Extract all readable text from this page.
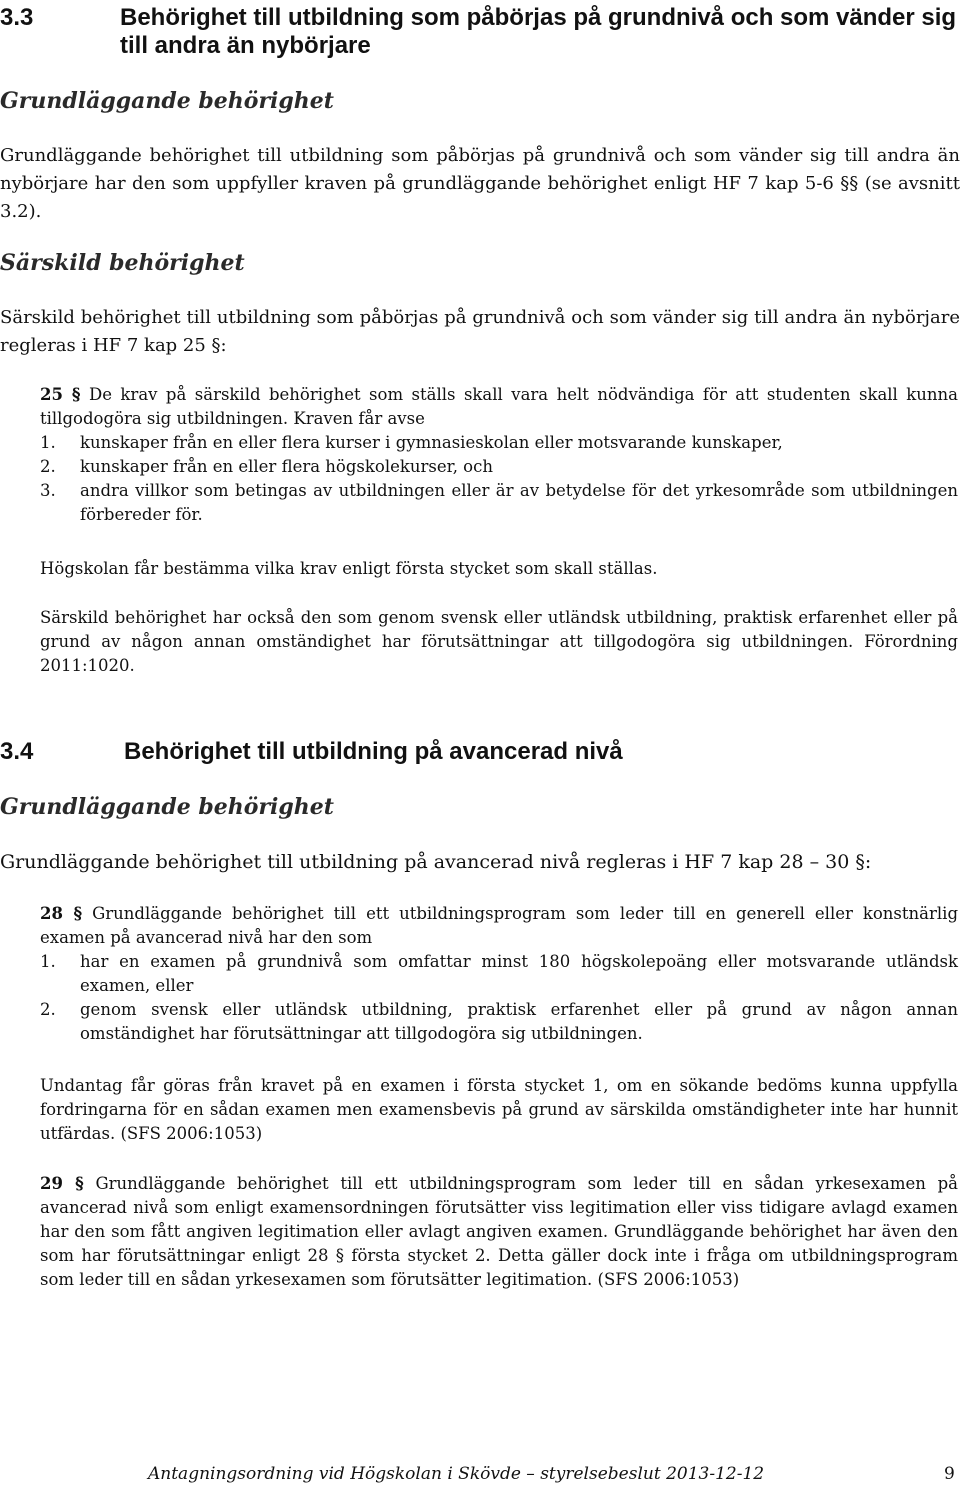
3.3	Behörighet till utbildning som påbörjas på grundnivå och som vänder sig till andra än nybörjare

Grundläggande behörighet

Grundläggande behörighet till utbildning som påbörjas på grundnivå och som vänder sig till andra än nybörjare har den som uppfyller kraven på grundläggande behörighet enligt HF 7 kap 5-6 §§ (se avsnitt 3.2).

Särskild behörighet

Särskild behörighet till utbildning som påbörjas på grundnivå och som vänder sig till andra än nybörjare regleras i HF 7 kap 25 §:

25 § De krav på särskild behörighet som ställs skall vara helt nödvändiga för att studenten skall kunna tillgodogöra sig utbildningen. Kraven får avse
1. kunskaper från en eller flera kurser i gymnasieskolan eller motsvarande kunskaper,
2. kunskaper från en eller flera högskolekurser, och
3. andra villkor som betingas av utbildningen eller är av betydelse för det yrkesområde som utbildningen förbereder för.

Högskolan får bestämma vilka krav enligt första stycket som skall ställas.

Särskild behörighet har också den som genom svensk eller utländsk utbildning, praktisk erfarenhet eller på grund av någon annan omständighet har förutsättningar att tillgodogöra sig utbildningen. Förordning 2011:1020.

3.4	Behörighet till utbildning på avancerad nivå

Grundläggande behörighet

Grundläggande behörighet till utbildning på avancerad nivå regleras i HF 7 kap 28 – 30 §:

28 § Grundläggande behörighet till ett utbildningsprogram som leder till en generell eller konstnärlig examen på avancerad nivå har den som
1. har en examen på grundnivå som omfattar minst 180 högskolepoäng eller motsvarande utländsk examen, eller
2. genom svensk eller utländsk utbildning, praktisk erfarenhet eller på grund av någon annan omständighet har förutsättningar att tillgodogöra sig utbildningen.

Undantag får göras från kravet på en examen i första stycket 1, om en sökande bedöms kunna uppfylla fordringarna för en sådan examen men examensbevis på grund av särskilda omständigheter inte har hunnit utfärdas. (SFS 2006:1053)

29 § Grundläggande behörighet till ett utbildningsprogram som leder till en sådan yrkesexamen på avancerad nivå som enligt examensordningen förutsätter viss legitimation eller viss tidigare avlagd examen har den som fått angiven legitimation eller avlagt angiven examen. Grundläggande behörighet har även den som har förutsättningar enligt 28 § första stycket 2. Detta gäller dock inte i fråga om utbildningsprogram som leder till en sådan yrkesexamen som förutsätter legitimation. (SFS 2006:1053)
Antagningsordning vid Högskolan i Skövde – styrelsebeslut 2013-12-12	9
